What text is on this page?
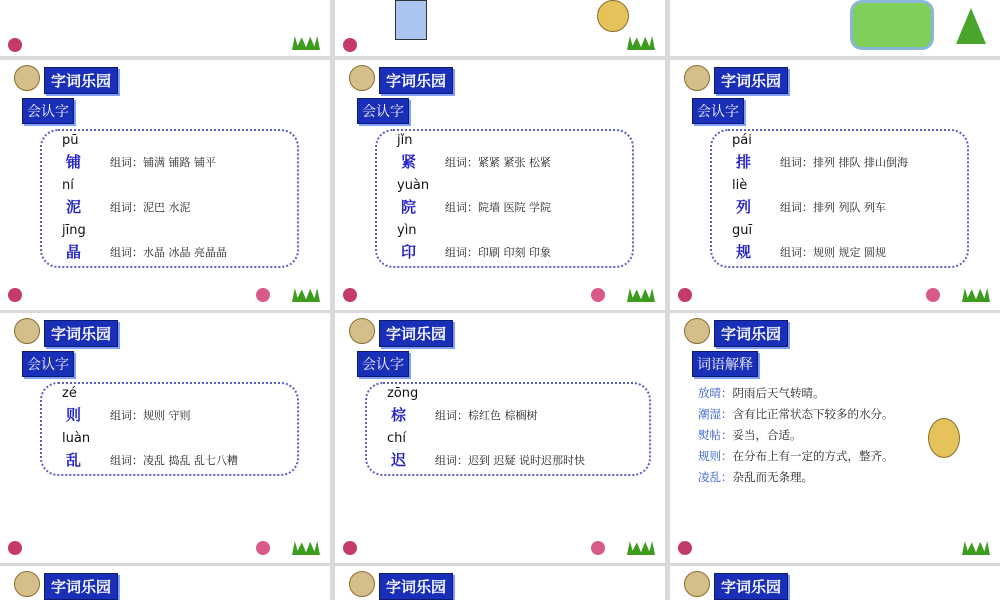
字词乐园
会认字
pū
铺	组词：铺满 铺路 铺平
ní
泥	组词：泥巴 水泥
jīng
晶	组词：水晶 冰晶 亮晶晶
字词乐园
会认字
jǐn
紧	组词：紧紧 紧张 松紧
yuàn
院	组词：院墙 医院 学院
yìn
印	组词：印刷 印刻 印象
字词乐园
会认字
pái
排	组词：排列 排队 排山倒海
liè
列	组词：排列 列队 列车
guī
规	组词：规则 规定 圆规
字词乐园
会认字
zé
则	组词：规则 守则
luàn
乱	组词：凌乱 捣乱 乱七八糟
字词乐园
会认字
zōng
棕	组词：棕红色 棕榈树
chí
迟	组词：迟到 迟疑 说时迟那时快
字词乐园
词语解释
放晴：阴雨后天气转晴。
潮湿：含有比正常状态下较多的水分。
熨帖：妥当，合适。
规则：在分布上有一定的方式，整齐。
凌乱：杂乱而无条理。
字词乐园	字词乐园	字词乐园
